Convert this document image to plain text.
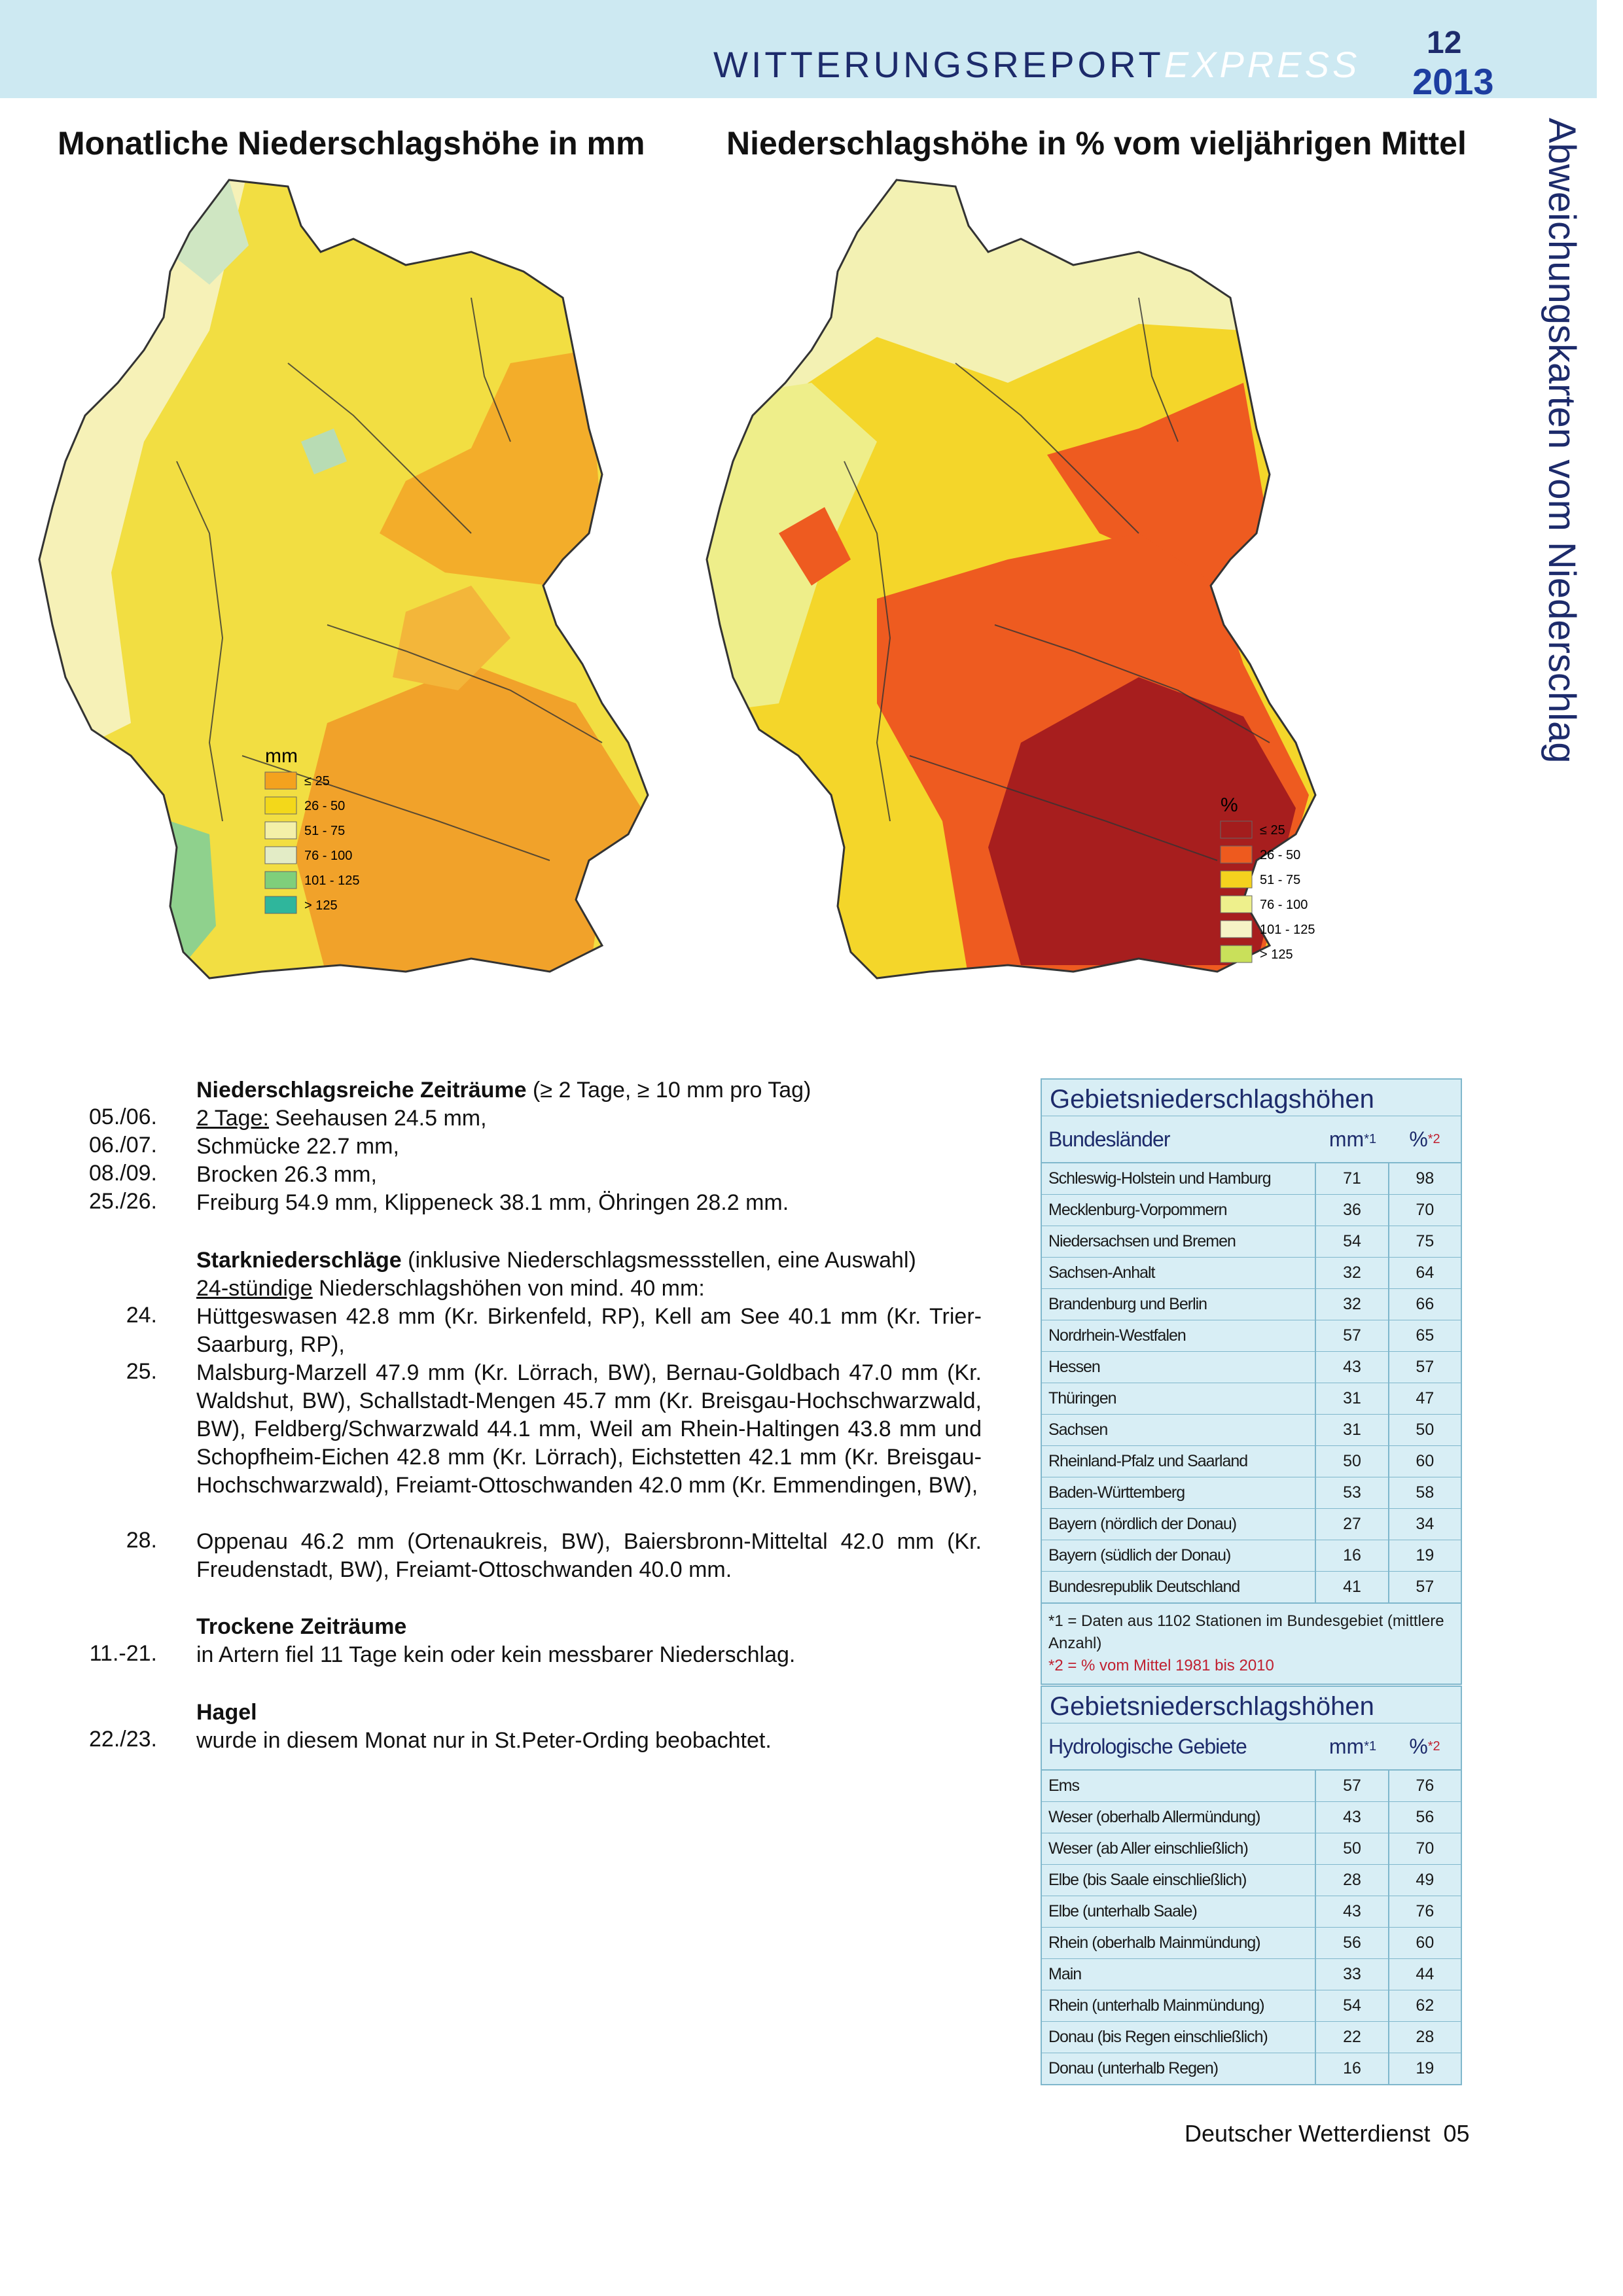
WITTERUNGSREPORTEXPRESS
12
2013
Abweichungskarten vom Niederschlag
Monatliche Niederschlagshöhe in mm Niederschlagshöhe in % vom vieljährigen Mittel
mm
≤ 25
26 - 50
51 - 75
76 - 100
101 - 125
> 125
%
≤ 25
26 - 50
51 - 75
76 - 100
101 - 125
> 125
Niederschlagsreiche Zeiträume (≥ 2 Tage, ≥ 10 mm pro Tag)
05./06. 2 Tage: Seehausen 24.5 mm,
06./07. Schmücke 22.7 mm,
08./09. Brocken 26.3 mm,
25./26. Freiburg 54.9 mm, Klippeneck 38.1 mm, Öhringen 28.2 mm.
Starkniederschläge (inklusive Niederschlagsmessstellen, eine Auswahl)
24-stündige Niederschlagshöhen von mind. 40 mm:
24. Hüttgeswasen 42.8 mm (Kr. Birkenfeld, RP), Kell am See 40.1 mm (Kr. Trier-Saarburg, RP),
25. Malsburg-Marzell 47.9 mm (Kr. Lörrach, BW), Bernau-Goldbach 47.0 mm (Kr. Waldshut, BW), Schallstadt-Mengen 45.7 mm (Kr. Breisgau-Hochschwarzwald, BW), Feldberg/Schwarzwald 44.1 mm, Weil am Rhein-Haltingen 43.8 mm und Schopfheim-Eichen 42.8 mm (Kr. Lörrach), Eichstetten 42.1 mm (Kr. Breisgau-Hochschwarzwald), Freiamt-Ottoschwanden 42.0 mm (Kr. Emmendingen, BW),
28. Oppenau 46.2 mm (Ortenaukreis, BW), Baiersbronn-Mitteltal 42.0 mm (Kr. Freudenstadt, BW), Freiamt-Ottoschwanden 40.0 mm.
Trockene Zeiträume
11.-21. in Artern fiel 11 Tage kein oder kein messbarer Niederschlag.
Hagel
22./23. wurde in diesem Monat nur in St.Peter-Ording beobachtet.
Gebietsniederschlagshöhen
Bundesländer	mm *1 % *2
Schleswig-Holstein und Hamburg	71	98
Mecklenburg-Vorpommern	36	70
Niedersachsen und Bremen	54	75
Sachsen-Anhalt	32	64
Brandenburg und Berlin	32	66
Nordrhein-Westfalen	57	65
Hessen	43	57
Thüringen	31	47
Sachsen	31	50
Rheinland-Pfalz und Saarland	50	60
Baden-Württemberg	53	58
Bayern (nördlich der Donau)	27	34
Bayern (südlich der Donau)	16	19
Bundesrepublik Deutschland	41	57
*1 = Daten aus 1102 Stationen im Bundesgebiet (mittlere Anzahl)
*2 = % vom Mittel 1981 bis 2010
Gebietsniederschlagshöhen
Hydrologische Gebiete	mm *1 % *2
Ems	57	76
Weser (oberhalb Allermündung)	43	56
Weser (ab Aller einschließlich)	50	70
Elbe (bis Saale einschließlich)	28	49
Elbe (unterhalb Saale)	43	76
Rhein (oberhalb Mainmündung)	56	60
Main	33	44
Rhein (unterhalb Mainmündung)	54	62
Donau (bis Regen einschließlich)	22	28
Donau (unterhalb Regen)	16	19
Deutscher Wetterdienst 05
